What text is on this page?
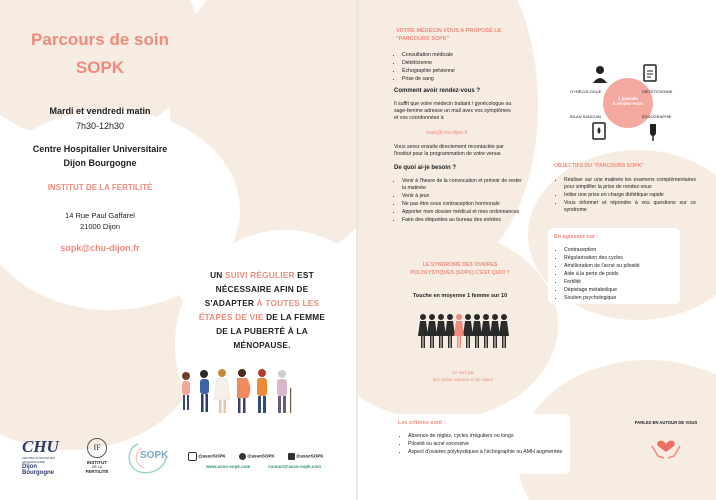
Parcours de soin
SOPK
Mardi et vendredi matin
7h30-12h30
Centre Hospitalier Universitaire
Dijon Bourgogne
INSTITUT DE LA FERTILITÉ
14 Rue Paul Gaffarel
21000 Dijon
sopk@chu-dijon.fr
UN SUIVI RÉGULIER EST
NÉCESSAIRE AFIN DE
S'ADAPTER À TOUTES LES
ÉTAPES DE VIE DE LA FEMME
DE LA PUBERTÉ À LA
MÉNOPAUSE.
CHU
CENTRE HOSPITALIER UNIVERSITAIRE
Dijon Bourgogne
IF
INSTITUT
DE LA
FERTILITÉ
SOPK	@assoSOPK	@assoSOPK	@assoSOPK
www.asso-sopk.com	contact@asso-sopk.com
VOTRE MÉDECIN VOUS A PROPOSÉ LE "PARCOURS SOPK"
• Consultation médicale
• Diététicienne
• Échographie pelvienne
• Prise de sang
Comment avoir rendez-vous ?
Il suffit que votre médecin traitant / gynécologue ou sage-femme adresse un mail avec vos symptômes et vos coordonnées à
sopk@chu-dijon.fr
Vous serez ensuite directement recontactée par l'institut pour la programmation de votre venue.
De quoi ai-je besoin ?
• Venir à l'heure de la convocation et prévoir de rester la matinée
• Venir à jeun
• Ne pas être sous contraception hormonale
• Apporter mon dossier médical et mes ordonnances
• Faire des étiquettes au bureau des entrées
1 journée
4 rendez-vous
GYNÉCOLOGUE	DIÉTÉTICIENNE
BILAN SANGUIN	ÉCHOGRAPHIE
OBJECTIFS DU "PARCOURS SOPK"
• Réaliser sur une matinée les examens complémentaires pour simplifier la prise de rendez-vous
• Initier une prise en charge diététique rapide
• Vous informer et répondre à vos questions sur ce syndrome
En agissant sur :
• Contraception
• Régularisation des cycles
• Amélioration de l'acné ou pilosité
• Aide à la perte de poids
• Fertilité
• Dépistage métabolique
• Soutien psychologique
LE SYNDROME DES OVAIRES
POLYKYSTIQUES (SOPK) C'EST QUOI ?
Touche en moyenne 1 femme sur 10
Ce sont par
des cycles ovariens et de nature
Les critères sont :
• Absence de règles, cycles irréguliers ou longs
• Pilosité ou acné excessive
• Aspect d'ovaires polykystiques à l'échographie ou AMH augmentée
PARLEZ-EN AUTOUR DE VOUS
